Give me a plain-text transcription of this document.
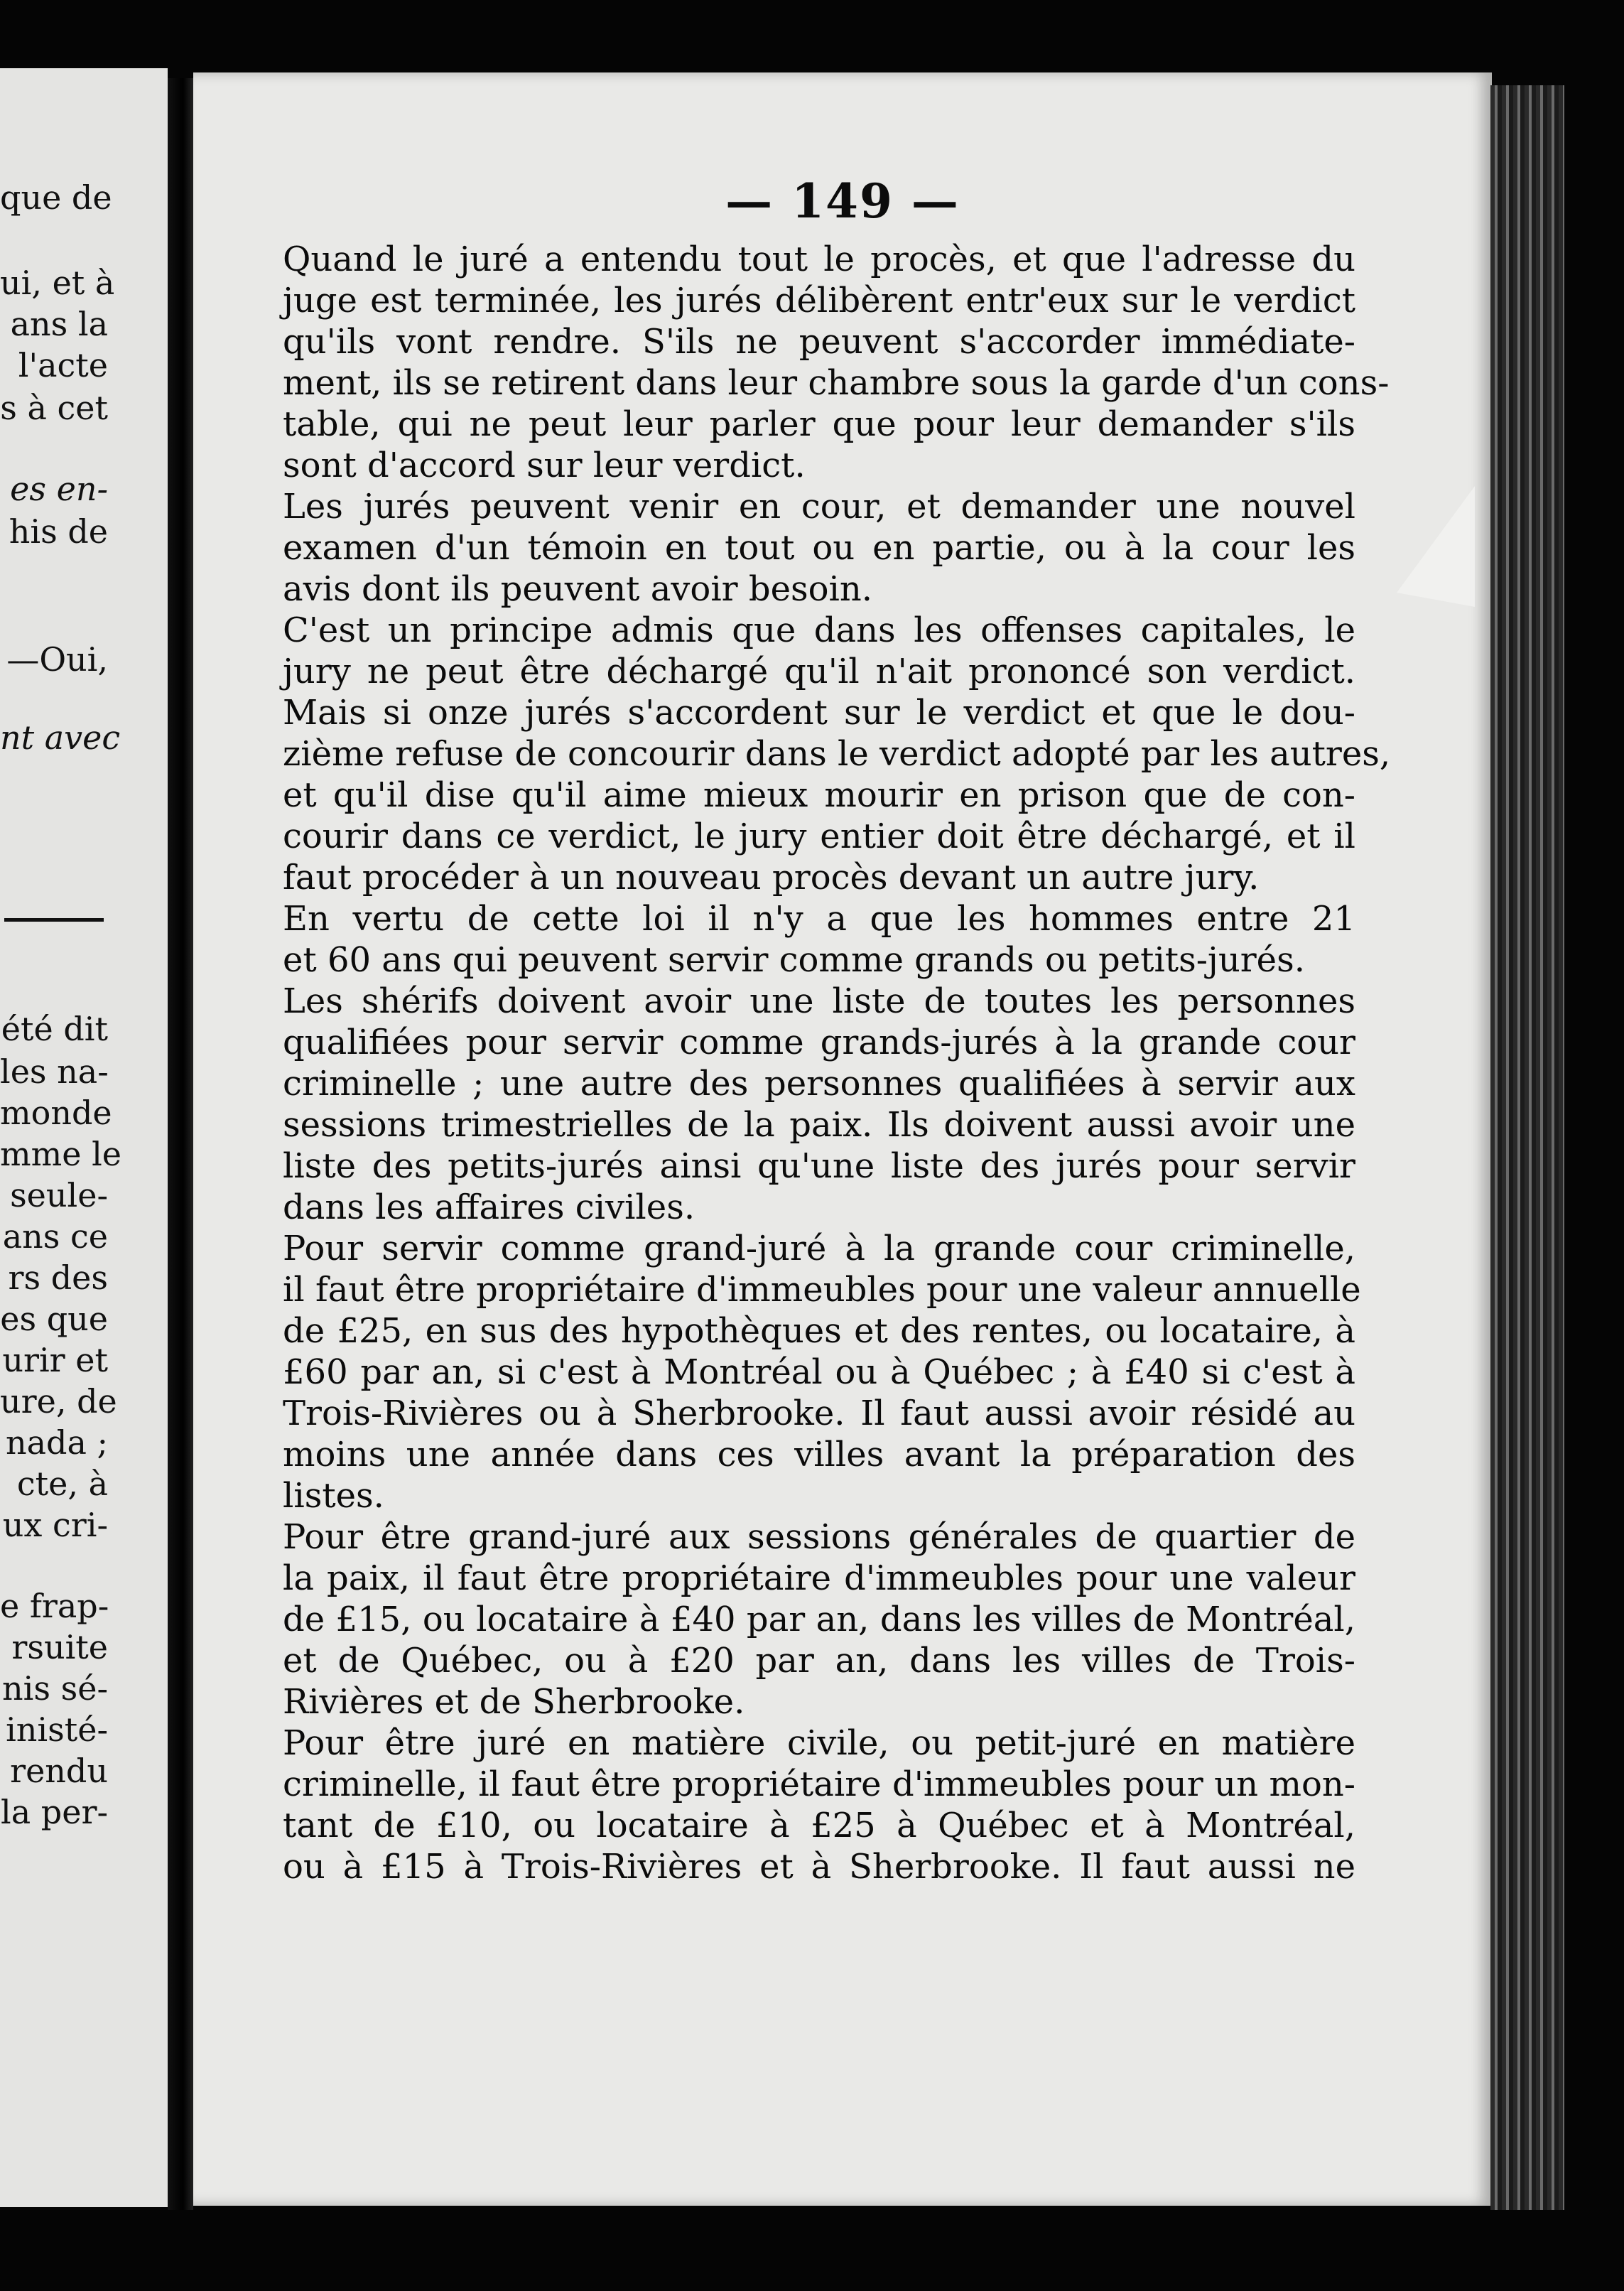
que de
ui, et à
ans la
l'acte
s à cet
es en-
his de
—Oui,
nt avec
été dit
les na-
monde
mme le
seule-
ans ce
rs des
es que
urir et
ure, de
nada ;
cte, à
ux cri-
e frap-
rsuite
nis sé-
inisté-
rendu
la per-
— 149 —

Quand le juré a entendu tout le procès, et que l'adresse du
juge est terminée, les jurés délibèrent entr'eux sur le verdict
qu'ils vont rendre. S'ils ne peuvent s'accorder immédiate-
ment, ils se retirent dans leur chambre sous la garde d'un cons-
table, qui ne peut leur parler que pour leur demander s'ils
sont d'accord sur leur verdict.

Les jurés peuvent venir en cour, et demander une nouvel
examen d'un témoin en tout ou en partie, ou à la cour les
avis dont ils peuvent avoir besoin.

C'est un principe admis que dans les offenses capitales, le
jury ne peut être déchargé qu'il n'ait prononcé son verdict.
Mais si onze jurés s'accordent sur le verdict et que le dou-
zième refuse de concourir dans le verdict adopté par les autres,
et qu'il dise qu'il aime mieux mourir en prison que de con-
courir dans ce verdict, le jury entier doit être déchargé, et il
faut procéder à un nouveau procès devant un autre jury.

En vertu de cette loi il n'y a que les hommes entre 21
et 60 ans qui peuvent servir comme grands ou petits-jurés.

Les shérifs doivent avoir une liste de toutes les personnes
qualifiées pour servir comme grands-jurés à la grande cour
criminelle ; une autre des personnes qualifiées à servir aux
sessions trimestrielles de la paix. Ils doivent aussi avoir une
liste des petits-jurés ainsi qu'une liste des jurés pour servir
dans les affaires civiles.

Pour servir comme grand-juré à la grande cour criminelle,
il faut être propriétaire d'immeubles pour une valeur annuelle
de £25, en sus des hypothèques et des rentes, ou locataire, à
£60 par an, si c'est à Montréal ou à Québec ; à £40 si c'est à
Trois-Rivières ou à Sherbrooke. Il faut aussi avoir résidé au
moins une année dans ces villes avant la préparation des
listes.

Pour être grand-juré aux sessions générales de quartier de
la paix, il faut être propriétaire d'immeubles pour une valeur
de £15, ou locataire à £40 par an, dans les villes de Montréal,
et de Québec, ou à £20 par an, dans les villes de Trois-
Rivières et de Sherbrooke.

Pour être juré en matière civile, ou petit-juré en matière
criminelle, il faut être propriétaire d'immeubles pour un mon-
tant de £10, ou locataire à £25 à Québec et à Montréal,
ou à £15 à Trois-Rivières et à Sherbrooke. Il faut aussi ne
